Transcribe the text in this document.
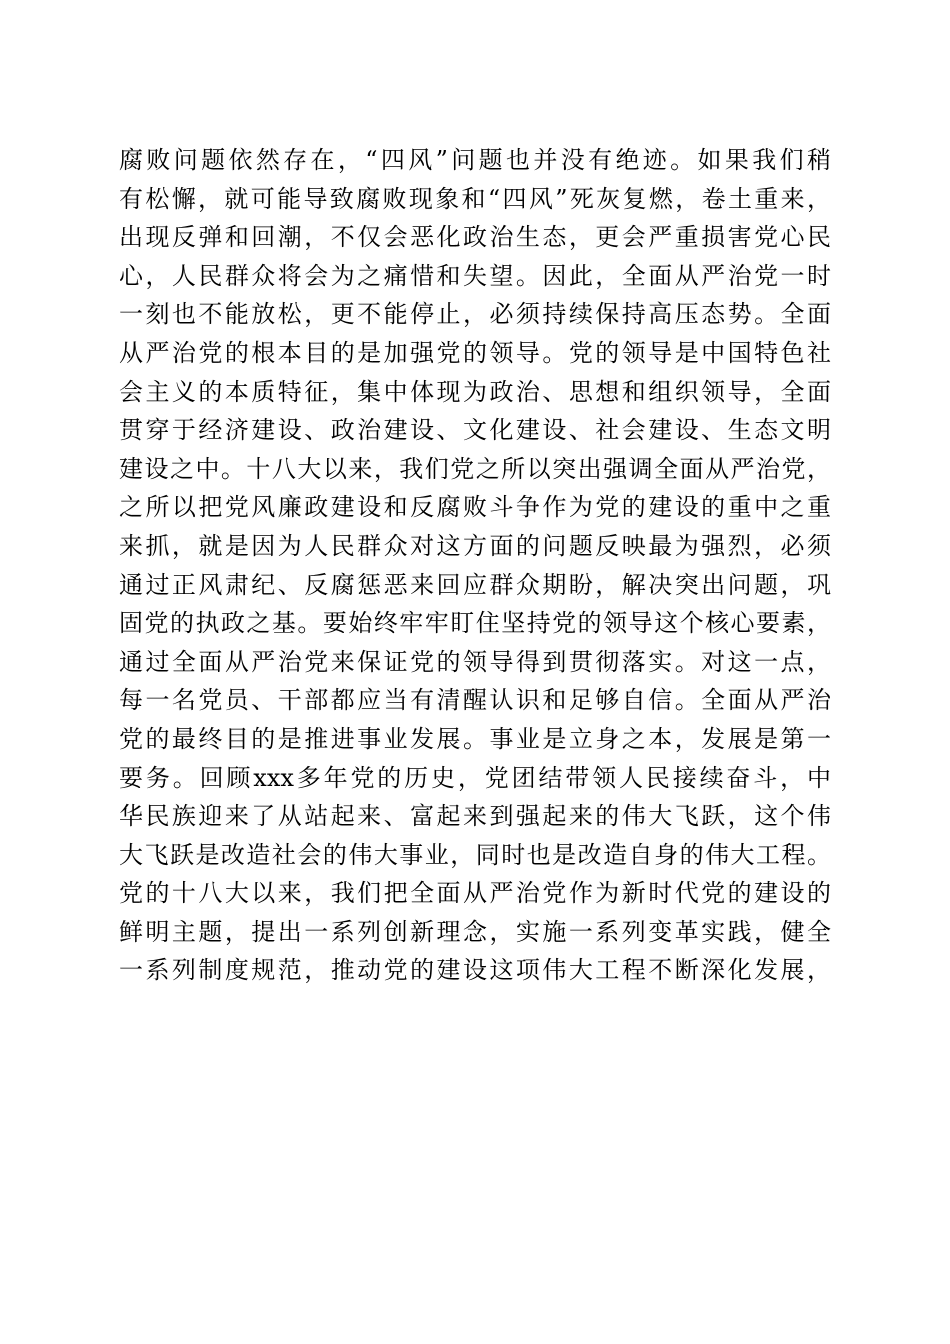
腐败问题依然存在，“四风”问题也并没有绝迹。如果我们稍
有松懈，就可能导致腐败现象和“四风”死灰复燃，卷土重来，
出现反弹和回潮，不仅会恶化政治生态，更会严重损害党心民
心，人民群众将会为之痛惜和失望。因此，全面从严治党一时
一刻也不能放松，更不能停止，必须持续保持高压态势。全面
从严治党的根本目的是加强党的领导。党的领导是中国特色社
会主义的本质特征，集中体现为政治、思想和组织领导，全面
贯穿于经济建设、政治建设、文化建设、社会建设、生态文明
建设之中。十八大以来，我们党之所以突出强调全面从严治党，
之所以把党风廉政建设和反腐败斗争作为党的建设的重中之重
来抓，就是因为人民群众对这方面的问题反映最为强烈，必须
通过正风肃纪、反腐惩恶来回应群众期盼，解决突出问题，巩
固党的执政之基。要始终牢牢盯住坚持党的领导这个核心要素，
通过全面从严治党来保证党的领导得到贯彻落实。对这一点，
每一名党员、干部都应当有清醒认识和足够自信。全面从严治
党的最终目的是推进事业发展。事业是立身之本，发展是第一
要务。回顾xxx多年党的历史，党团结带领人民接续奋斗，中
华民族迎来了从站起来、富起来到强起来的伟大飞跃，这个伟
大飞跃是改造社会的伟大事业，同时也是改造自身的伟大工程。
党的十八大以来，我们把全面从严治党作为新时代党的建设的
鲜明主题，提出一系列创新理念，实施一系列变革实践，健全
一系列制度规范，推动党的建设这项伟大工程不断深化发展，
